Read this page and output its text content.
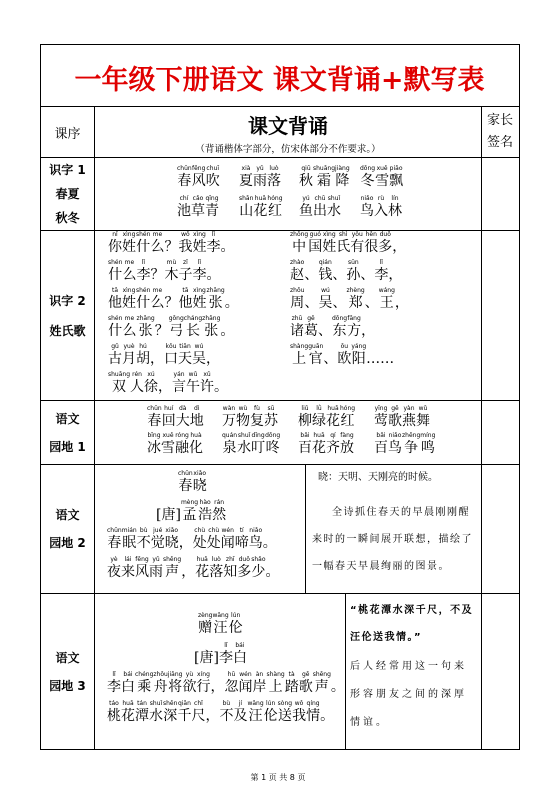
一年级下册语文 课文背诵+默写表
课序	课文背诵
（背诵楷体字部分，仿宋体部分不作要求。）
家长签名
识字 1
春夏
秋冬
识字 2
姓氏歌
语文
园地 1
语文
园地 2
语文
园地 3
chūn
春
fēng
风
chuī
吹
xià
夏
yǔ
雨
luò
落
qiū
秋
shuāng
霜
jiàng
降
dōng
冬
xuě
雪
piāo
飘
chí
池
cǎo
草
qīng
青
shān
山
huā
花
hóng
红
yú
鱼
chū
出
shuǐ
水
niǎo
鸟
rù
入
lín
林
nǐ
你
xìng
姓
shén
什
me
么 ？
wǒ
我
xìng
姓
lǐ
李 。
shén
什
me
么
lǐ
李 ？
mù
木
zǐ
子
lǐ
李 。
tā
他
xìng
姓
shén
什
me
么 ？
tā
他
xìng
姓
zhāng
张 。
shén
什
me
么
zhāng
张 ？
gōng
弓
cháng
长
zhāng
张 。
gǔ
古
yuè
月
hú
胡 ，
kǒu
口
tiān
天
wú
吴 ，
shuāng
双
rén
人
xú
徐 ，
yán
言
wǔ
午
xǔ
许 。
zhōng
中
guó
国
xìng
姓
shì
氏
yǒu
有
hěn
很
duō
多 ，
zhào
赵 、
qián
钱 、
sūn
孙 、
lǐ
李 ，
zhōu
周 、
wú
吴 、
zhèng
郑 、
wáng
王 ，
zhū
诸
gě
葛 、
dōng
东
fāng
方 ，
shàng
上
guān
官 、
ōu
欧
yáng
阳 ……
chūn
春
huí
回
dà
大
dì
地
wàn
万
wù
物
fù
复
sū
苏
liǔ
柳
lǜ
绿
huā
花
hóng
红
yīng
莺
gē
歌
yàn
燕
wǔ
舞
bīng
冰
xuě
雪
róng
融
huà
化
quán
泉
shuǐ
水
dīng
叮
dōng
咚
bǎi
百
huā
花
qí
齐
fàng
放
bǎi
百
niǎo
鸟
zhēng
争
míng
鸣
chūn
春
xiǎo
晓
[唐]
mèng
孟
hào
浩
rán
然
chūn
春
mián
眠
bù
不
jué
觉
xiǎo
晓 ，
chù
处
chù
处
wén
闻
tí
啼
niǎo
鸟 。
yè
夜
lái
来
fēng
风
yǔ
雨
shēng
声 ，
huā
花
luò
落
zhī
知
duō
多
shǎo
少 。
zèng
赠
wāng
汪
lún
伦
[唐]
lǐ
李
bái
白
lǐ
李
bái
白
chéng
乘
zhōu
舟
jiāng
将
yù
欲
xíng
行 ，
hū
忽
wén
闻
àn
岸
shàng
上
tà
踏
gē
歌
shēng
声 。
táo
桃
huā
花
tán
潭
shuǐ
水
shēn
深
qiān
千
chǐ
尺 ，
bù
不
jí
及
wāng
汪
lún
伦
sòng
送
wǒ
我
qíng
情 。
晓：天明、天刚亮的时候。
全诗抓住春天的早晨刚刚醒来时的一瞬间展开联想，描绘了一幅春天早晨绚丽的图景。
“桃花潭水深千尺，不及汪伦送我情。”
后人经常用这一句来形容朋友之间的深厚情谊。
第 1 页 共 8 页
